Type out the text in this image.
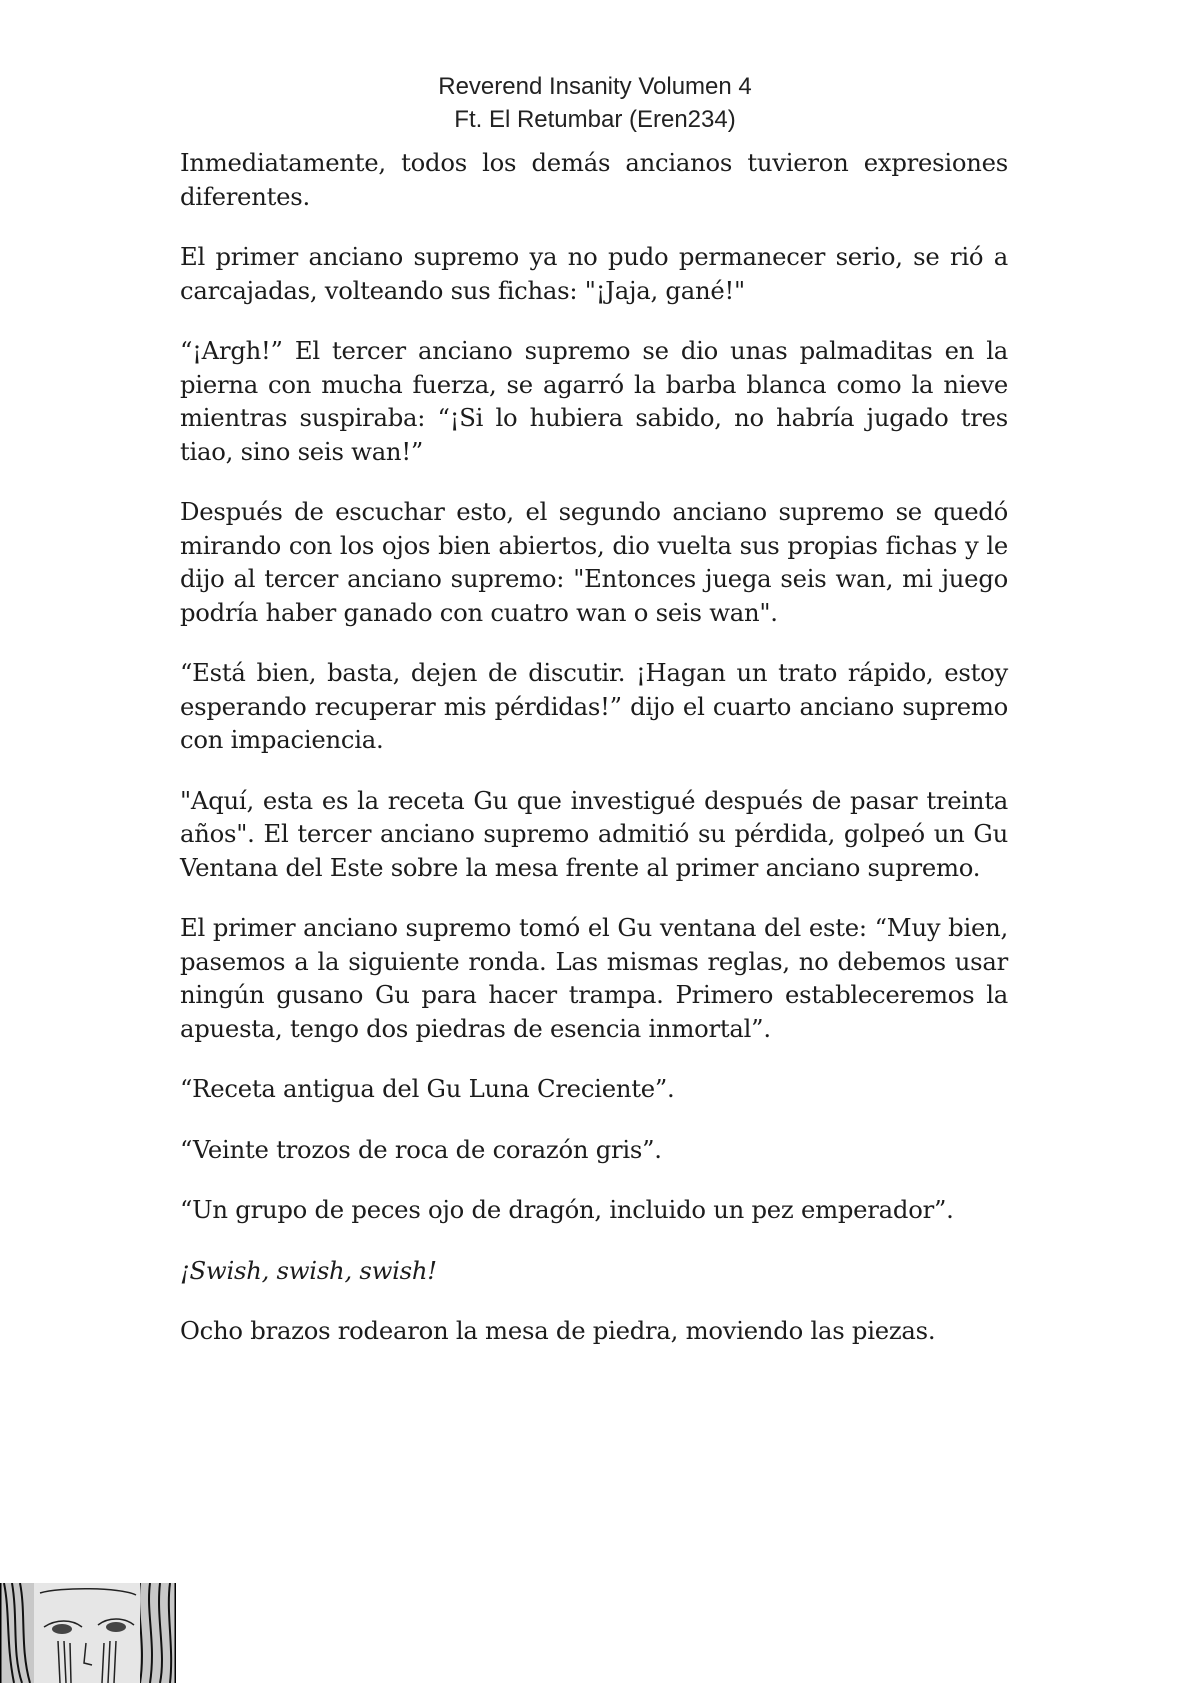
Reverend Insanity Volumen 4
Ft. El Retumbar (Eren234)

Inmediatamente, todos los demás ancianos tuvieron expresiones diferentes.

El primer anciano supremo ya no pudo permanecer serio, se rió a carcajadas, volteando sus fichas: "¡Jaja, gané!"

“¡Argh!” El tercer anciano supremo se dio unas palmaditas en la pierna con mucha fuerza, se agarró la barba blanca como la nieve mientras suspiraba: “¡Si lo hubiera sabido, no habría jugado tres tiao, sino seis wan!”

Después de escuchar esto, el segundo anciano supremo se quedó mirando con los ojos bien abiertos, dio vuelta sus propias fichas y le dijo al tercer anciano supremo: "Entonces juega seis wan, mi juego podría haber ganado con cuatro wan o seis wan".

“Está bien, basta, dejen de discutir. ¡Hagan un trato rápido, estoy esperando recuperar mis pérdidas!” dijo el cuarto anciano supremo con impaciencia.

"Aquí, esta es la receta Gu que investigué después de pasar treinta años". El tercer anciano supremo admitió su pérdida, golpeó un Gu Ventana del Este sobre la mesa frente al primer anciano supremo.

El primer anciano supremo tomó el Gu ventana del este: “Muy bien, pasemos a la siguiente ronda. Las mismas reglas, no debemos usar ningún gusano Gu para hacer trampa. Primero estableceremos la apuesta, tengo dos piedras de esencia inmortal”.

“Receta antigua del Gu Luna Creciente”.

“Veinte trozos de roca de corazón gris”.

“Un grupo de peces ojo de dragón, incluido un pez emperador”.

¡Swish, swish, swish!

Ocho brazos rodearon la mesa de piedra, moviendo las piezas.
